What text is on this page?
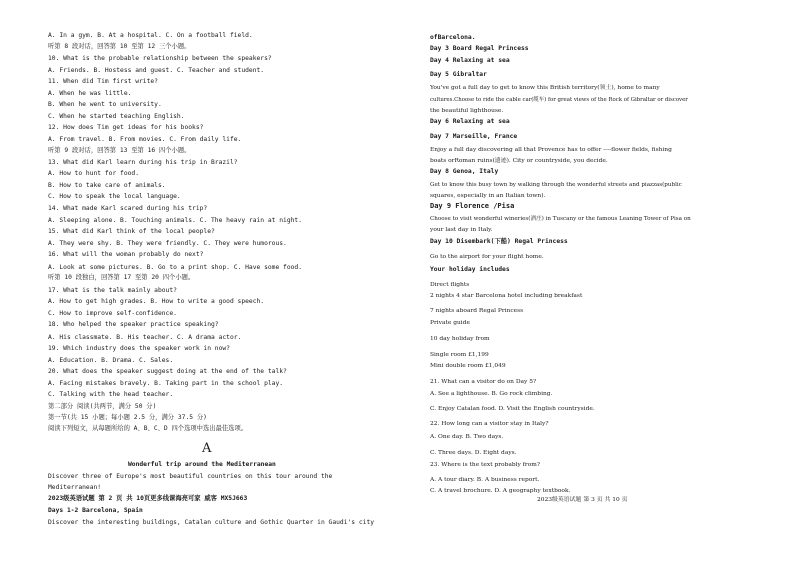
A. In a gym. B. At a hospital. C. On a football field.
听第 8 段对话，回答第 10 至第 12 三个小题。
10. What is the probable relationship between the speakers?
A. Friends. B. Hostess and guest. C. Teacher and student.
11. When did Tim first write?
A. When he was little.
B. When he went to university.
C. When he started teaching English.
12. How does Tim get ideas for his books?
A. From travel. B. From movies. C. From daily life.
听第 9 段对话，回答第 13 至第 16 四个小题。
13. What did Karl learn during his trip in Brazil?
A. How to hunt for food.
B. How to take care of animals.
C. How to speak the local language.
14. What made Karl scared during his trip?
A. Sleeping alone. B. Touching animals. C. The heavy rain at night.
15. What did Karl think of the local people?
A. They were shy. B. They were friendly. C. They were humorous.
16. What will the woman probably do next?
A. Look at some pictures. B. Go to a print shop. C. Have some food.
听第 10 段独白，回答第 17 至第 20 四个小题。
17. What is the talk mainly about?
A. How to get high grades. B. How to write a good speech.
C. How to improve self-confidence.
18. Who helped the speaker practice speaking?
A. His classmate. B. His teacher. C. A drama actor.
19. Which industry does the speaker work in now?
A. Education. B. Drama. C. Sales.
20. What does the speaker suggest doing at the end of the talk?
A. Facing mistakes bravely. B. Taking part in the school play.
C. Talking with the head teacher.
第二部分 阅读(共两节，满分 50 分)
第一节(共 15 小题；每小题 2.5 分，满分 37.5 分)
阅读下列短文，从每题所给的 A、B、C、D 四个选项中选出最佳选项。
A
Wonderful trip around the Mediterranean
Discover three of Europe's most beautiful countries on this tour around the
Mediterranean!
2023级英语试题 第 2 页 共 10页更多线课海亮可家 威客 MX5J663
Days 1-2 Barcelona, Spain
Discover the interesting buildings, Catalan culture and Gothic Quarter in Gaudi's city
ofBarcelona.
Day 3 Board Regal Princess
Day 4 Relaxing at sea
Day 5 Gibraltar
You've got a full day to get to know this British territory(领土), home to many
cultures.Choose to ride the cable car(缆车) for great views of the Rock of Gibraltar or discover
the beautiful lighthouse.
Day 6 Relaxing at sea
Day 7 Marseille, France
Enjoy a full day discovering all that Provence has to offer ----flower fields, fishing
boats orRoman ruins(遗迹). City or countryside, you decide.
Day 8 Genoa, Italy
Get to know this busy town by walking through the wonderful streets and piazzas(public
squares, especially in an Italian town).
Day 9 Florence /Pisa
Choose to visit wonderful wineries(酒庄) in Tuscany or the famous Leaning Tower of Pisa on
your last day in Italy.
Day 10 Disembark(下船) Regal Princess
Go to the airport for your flight home.
Your holiday includes
Direct flights
2 nights 4 star Barcelona hotel including breakfast
7 nights aboard Regal Princess
Private guide
10 day holiday from
Single room £1,199
Mini double room £1,049
21. What can a visitor do on Day 5?
A. See a lighthouse. B. Go rock climbing.
C. Enjoy Catalan food. D. Visit the English countryside.
22. How long can a visitor stay in Italy?
A. One day. B. Two days.
C. Three days. D. Eight days.
23. Where is the text probably from?
A. A tour diary. B. A business report.
C. A travel brochure. D. A geography textbook.
2023级英语试题 第 3 页 共 10 页
